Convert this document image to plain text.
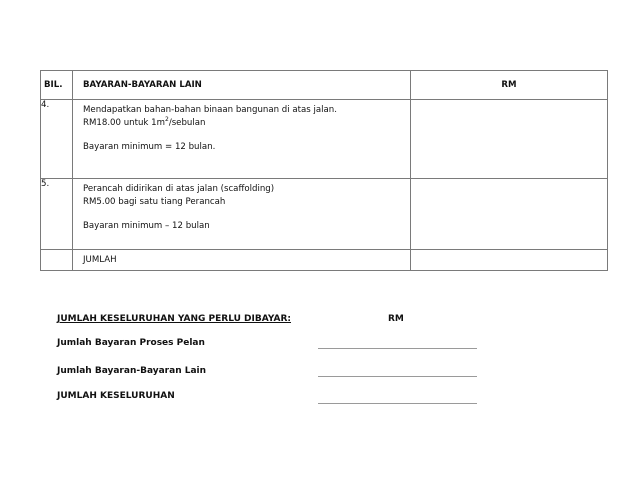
BIL.	BAYARAN-BAYARAN LAIN	RM
4.	Mendapatkan bahan-bahan binaan bangunan di atas jalan.
RM18.00 untuk $1m^2$/sebulan
Bayaran minimum = 12 bulan.	

5.	Perancah didirikan di atas jalan (scaffolding)
RM5.00 bagi satu tiang Perancah
Bayaran minimum – 12 bulan	

	JUMLAH	
JUMLAH KESELURUHAN YANG PERLU DIBAYAR:	RM
Jumlah Bayaran Proses Pelan
Jumlah Bayaran-Bayaran Lain
JUMLAH KESELURUHAN
